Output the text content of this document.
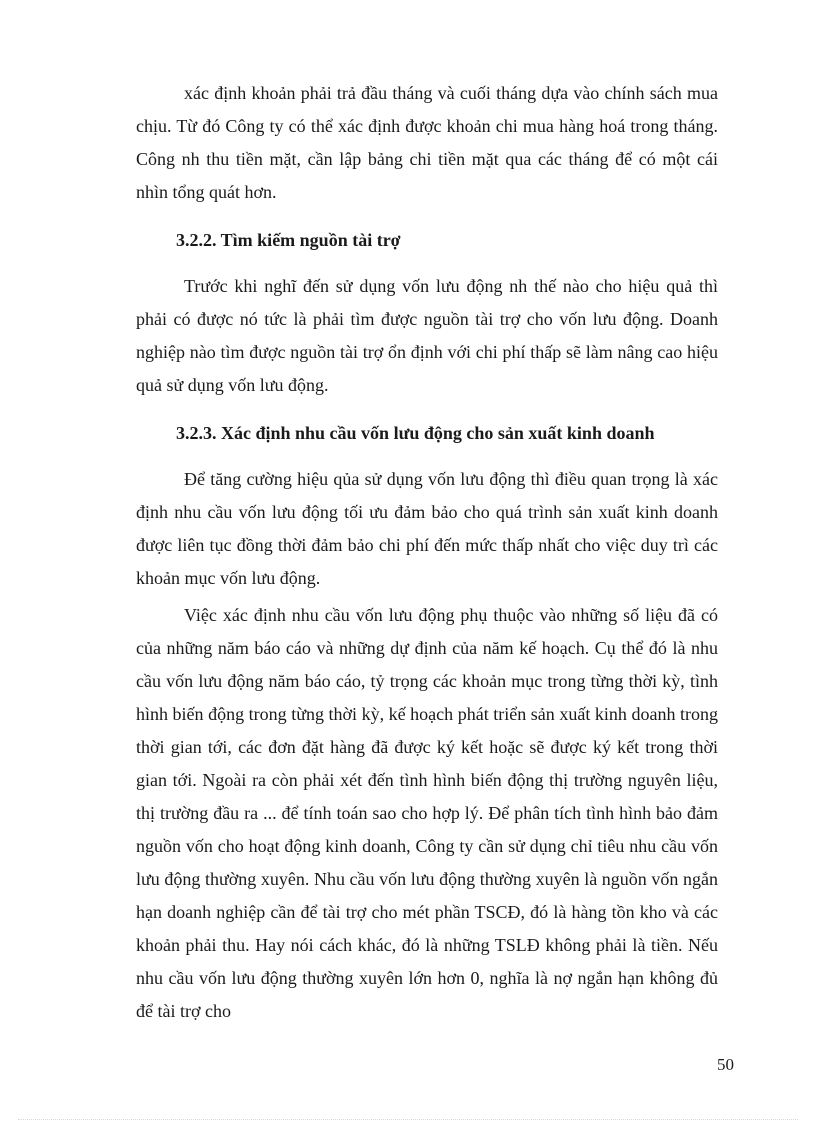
xác định khoản phải trả đầu tháng và cuối tháng dựa vào chính sách mua chịu. Từ đó Công ty có thể xác định được khoản chi mua hàng hoá trong tháng. Công nh thu tiền mặt, cần lập bảng chi tiền mặt qua các tháng để có một cái nhìn tổng quát hơn.

3.2.2. Tìm kiếm nguồn tài trợ

Trước khi nghĩ đến sử dụng vốn lưu động nh thế nào cho hiệu quả thì phải có được nó tức là phải tìm được nguồn tài trợ cho vốn lưu động. Doanh nghiệp nào tìm được nguồn tài trợ ổn định với chi phí thấp sẽ làm nâng cao hiệu quả sử dụng vốn lưu động.

3.2.3. Xác định nhu cầu vốn lưu động cho sản xuất kinh doanh

Để tăng cường hiệu qủa sử dụng vốn lưu động thì điều quan trọng là xác định nhu cầu vốn lưu động tối ưu đảm bảo cho quá trình sản xuất kinh doanh được liên tục đồng thời đảm bảo chi phí đến mức thấp nhất cho việc duy trì các khoản mục vốn lưu động.

Việc xác định nhu cầu vốn lưu động phụ thuộc vào những số liệu đã có của những năm báo cáo và những dự định của năm kế hoạch. Cụ thể đó là nhu cầu vốn lưu động năm báo cáo, tỷ trọng các khoản mục trong từng thời kỳ, tình hình biến động trong từng thời kỳ, kế hoạch phát triển sản xuất kinh doanh trong thời gian tới, các đơn đặt hàng đã được ký kết hoặc sẽ được ký kết trong thời gian tới. Ngoài ra còn phải xét đến tình hình biến động thị trường nguyên liệu, thị trường đầu ra ... để tính toán sao cho hợp lý. Để phân tích tình hình bảo đảm nguồn vốn cho hoạt động kinh doanh, Công ty cần sử dụng chỉ tiêu nhu cầu vốn lưu động thường xuyên. Nhu cầu vốn lưu động thường xuyên là nguồn vốn ngắn hạn doanh nghiệp cần để tài trợ cho mét phần TSCĐ, đó là hàng tồn kho và các khoản phải thu. Hay nói cách khác, đó là những TSLĐ không phải là tiền. Nếu nhu cầu vốn lưu động thường xuyên lớn hơn 0, nghĩa là nợ ngắn hạn không đủ để tài trợ cho

50
